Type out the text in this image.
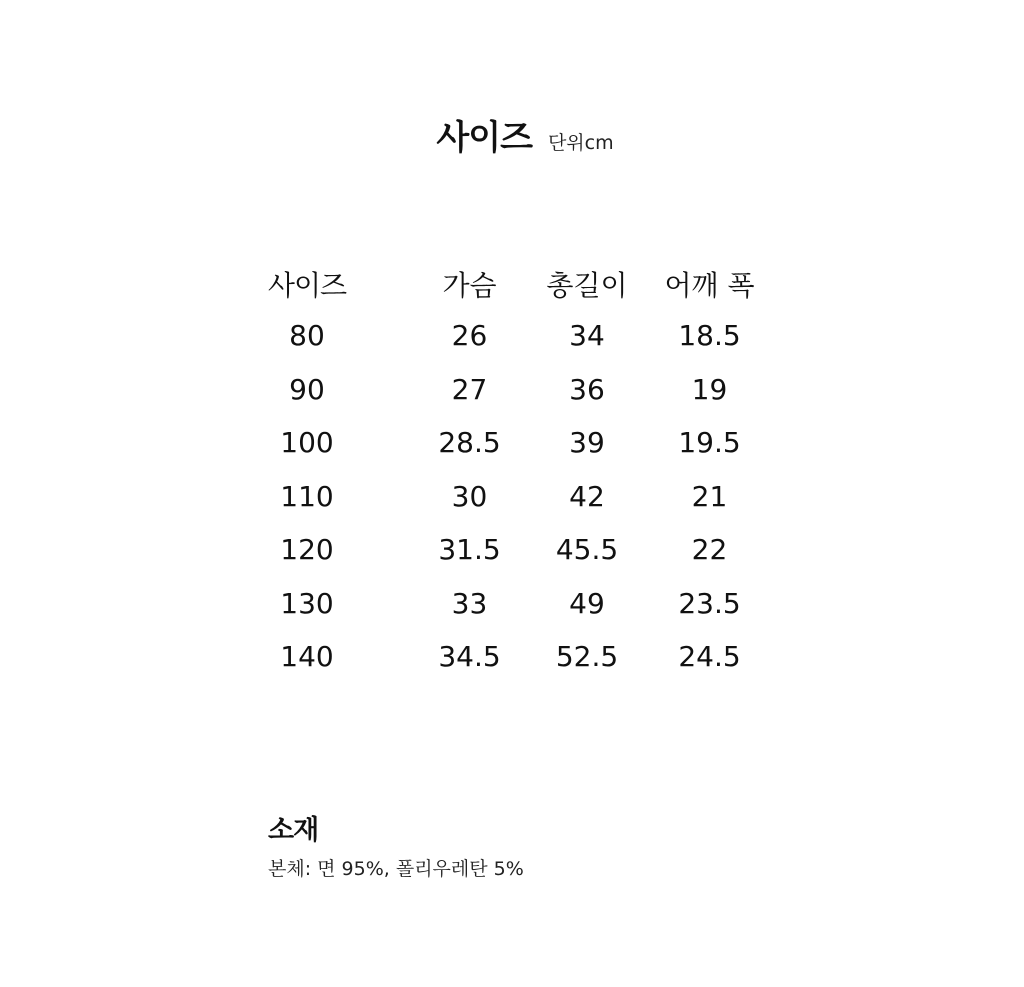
사이즈 단위cm
사이즈		가슴	총길이	어깨 폭
80		26	34	18.5
90		27	36	19
100		28.5	39	19.5
110		30	42	21
120		31.5	45.5	22
130		33	49	23.5
140		34.5	52.5	24.5
소재
본체: 면 95%, 폴리우레탄 5%
